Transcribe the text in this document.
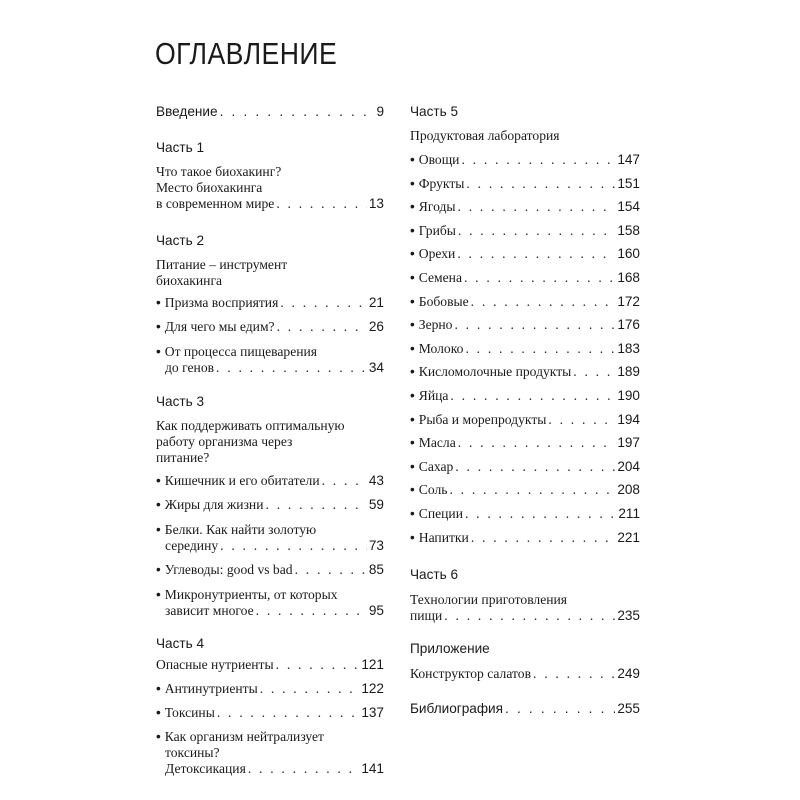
ОГЛАВЛЕНИЕ
Введение . . .	9
Часть 1
Что такое биохакинг?
Место биохакинга
в современном мире . . .	13
Часть 2
Питание – инструмент
биохакинга
• Призма восприятия . . .	21
• Для чего мы едим? . . .	26
• От процесса пищеварения
до генов . . .	34
Часть 3
Как поддерживать оптимальную
работу организма через
питание?
• Кишечник и его обитатели . . .	43
• Жиры для жизни . . .	59
• Белки. Как найти золотую
середину . . .	73
• Углеводы: good vs bad . . .	85
• Микронутриенты, от которых
зависит многое . . .	95
Часть 4
Опасные нутриенты . . .	121
• Антинутриенты . . .	122
• Токсины . . .	137
• Как организм нейтрализует
токсины?
Детоксикация . . .	141
Часть 5
Продуктовая лаборатория
• Овощи . . .	147
• Фрукты . . .	151
• Ягоды . . .	154
• Грибы . . .	158
• Орехи . . .	160
• Семена . . .	168
• Бобовые . . .	172
• Зерно . . .	176
• Молоко . . .	183
• Кисломолочные продукты . . .	189
• Яйца . . .	190
• Рыба и морепродукты . . .	194
• Масла . . .	197
• Сахар . . .	204
• Соль . . .	208
• Специи . . .	211
• Напитки . . .	221
Часть 6
Технологии приготовления
пищи . . .	235
Приложение
Конструктор салатов . . .	249
Библиография . . .	255
